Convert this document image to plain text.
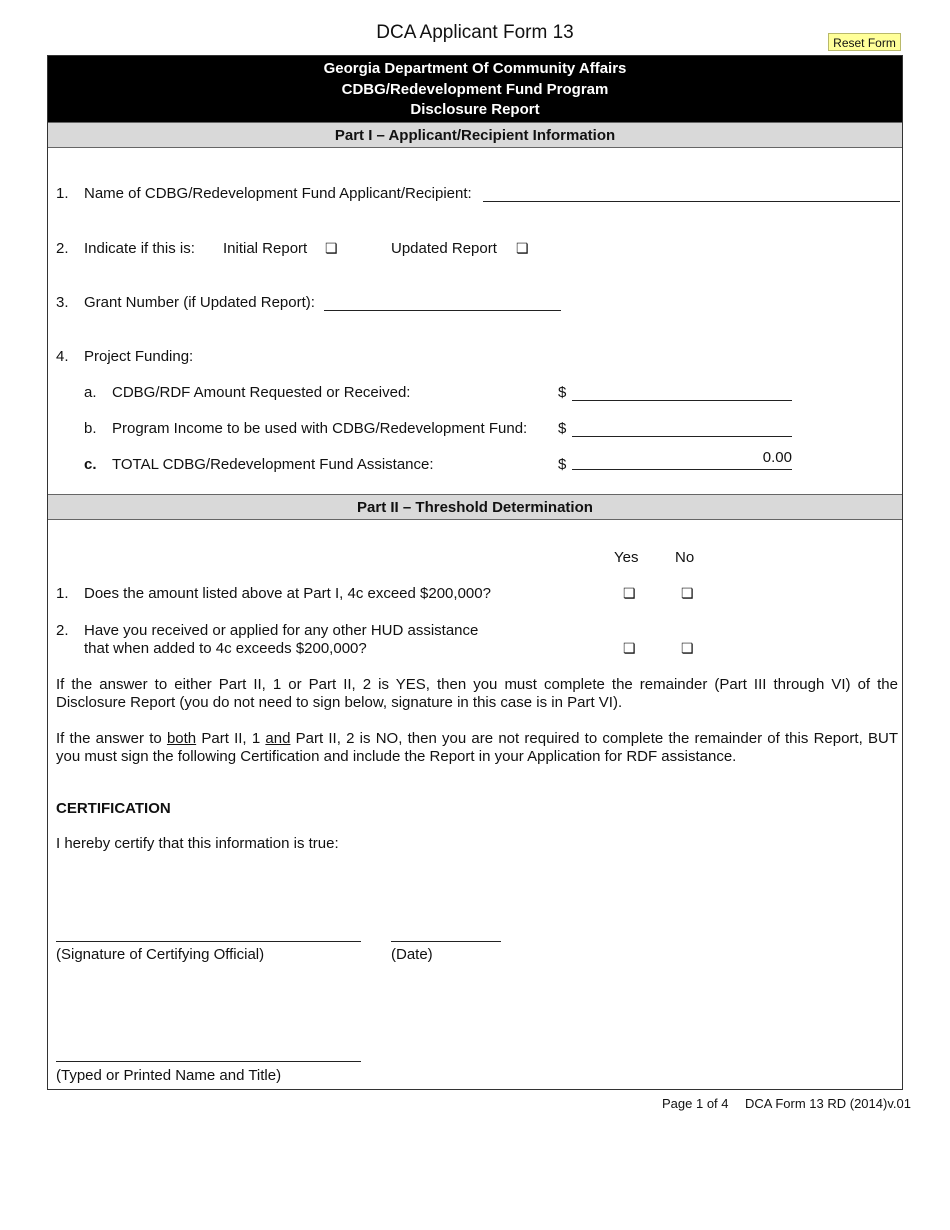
DCA Applicant Form 13	Reset Form
Georgia Department Of Community Affairs
CDBG/Redevelopment Fund Program
Disclosure Report
Part I – Applicant/Recipient Information
1. Name of CDBG/Redevelopment Fund Applicant/Recipient:
2. Indicate if this is: Initial Report ❏	Updated Report ❏
3. Grant Number (if Updated Report):
4. Project Funding:
a. CDBG/RDF Amount Requested or Received:	$
b. Program Income to be used with CDBG/Redevelopment Fund: $
c. TOTAL CDBG/Redevelopment Fund Assistance:	$	0.00
Part II – Threshold Determination
Yes No
1. Does the amount listed above at Part I, 4c exceed $200,000?	❏	❏
2. Have you received or applied for any other HUD assistance
that when added to 4c exceeds $200,000?	❏	❏
If the answer to either Part II, 1 or Part II, 2 is YES, then you must complete the remainder (Part III through VI) of the Disclosure Report (you do not need to sign below, signature in this case is in Part VI).
If the answer to both Part II, 1 and Part II, 2 is NO, then you are not required to complete the remainder of this Report, BUT you must sign the following Certification and include the Report in your Application for RDF assistance.
CERTIFICATION
I hereby certify that this information is true:
(Signature of Certifying Official)	(Date)
(Typed or Printed Name and Title)
Page 1 of 4 DCA Form 13 RD (2014)v.01
